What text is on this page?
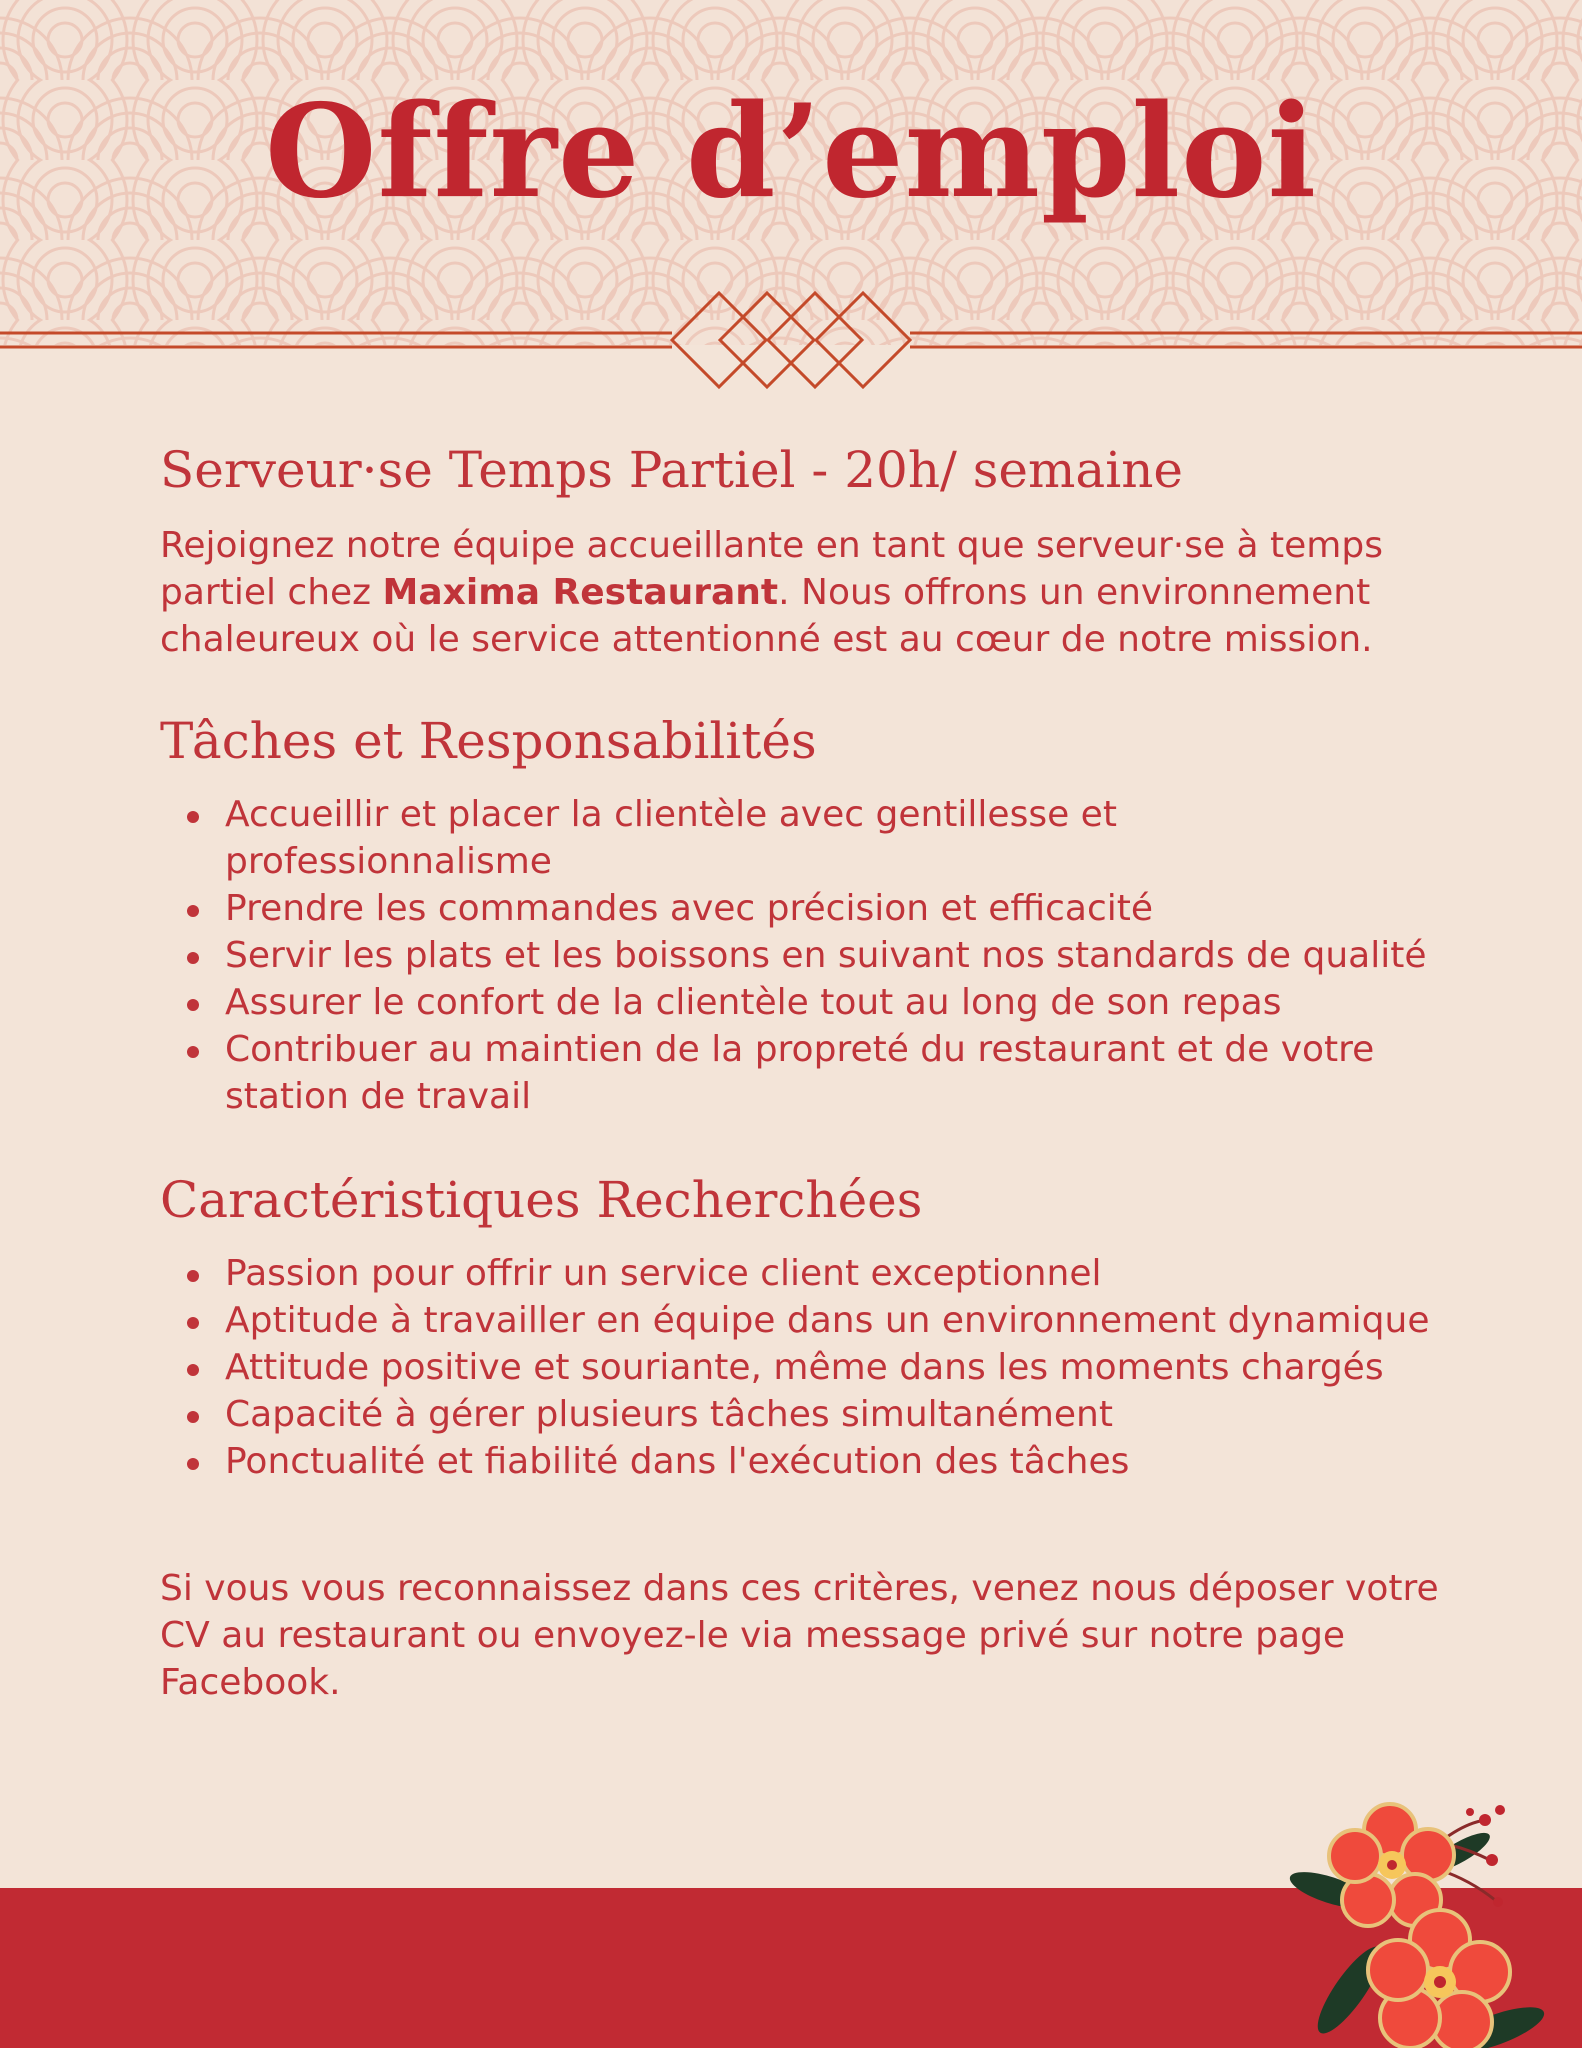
Offre d’emploi
Serveur·se Temps Partiel - 20h/ semaine

Rejoignez notre équipe accueillante en tant que serveur·se à temps partiel chez Maxima Restaurant. Nous offrons un environnement chaleureux où le service attentionné est au cœur de notre mission.

Tâches et Responsabilités
Accueillir et placer la clientèle avec gentillesse et professionnalisme
Prendre les commandes avec précision et efficacité
Servir les plats et les boissons en suivant nos standards de qualité
Assurer le confort de la clientèle tout au long de son repas
Contribuer au maintien de la propreté du restaurant et de votre station de travail
Caractéristiques Recherchées
Passion pour offrir un service client exceptionnel
Aptitude à travailler en équipe dans un environnement dynamique
Attitude positive et souriante, même dans les moments chargés
Capacité à gérer plusieurs tâches simultanément
Ponctualité et fiabilité dans l'exécution des tâches

Si vous vous reconnaissez dans ces critères, venez nous déposer votre CV au restaurant ou envoyez-le via message privé sur notre page Facebook.
